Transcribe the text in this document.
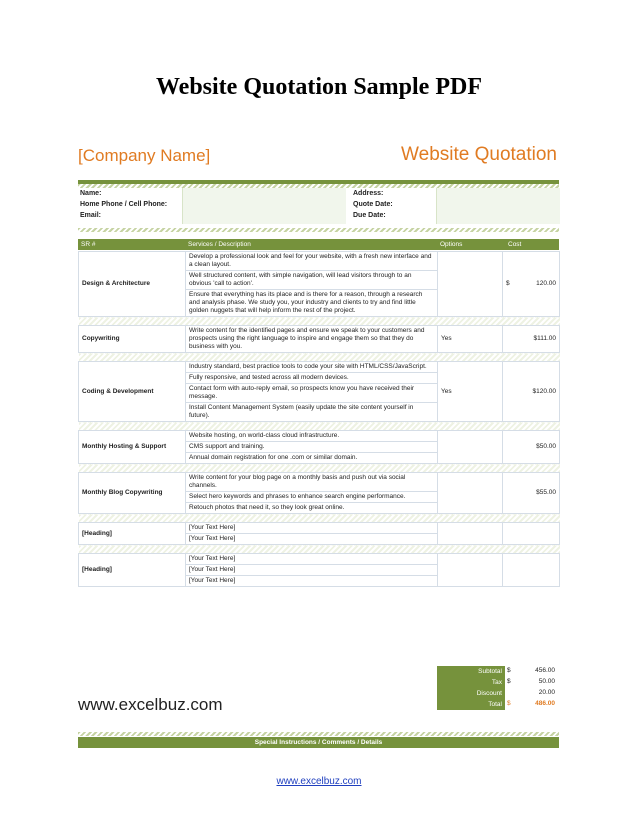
Website Quotation Sample PDF
[Company Name]	Website Quotation
Name:
Home Phone / Cell Phone:
Email:
Address:
Quote Date:
Due Date:
SR #	Services / Description	Options	Cost
Design & Architecture	Develop a professional look and feel for your website, with a fresh new interface and a clean layout.		$ 120.00
	Well structured content, with simple navigation, will lead visitors through to an obvious 'call to action'.		
	Ensure that everything has its place and is there for a reason, through a research and analysis phase. We study you, your industry and clients to try and find little golden nuggets that will help inform the rest of the project.		

Copywriting	Write content for the identified pages and ensure we speak to your customers and prospects using the right language to inspire and engage them so that they do business with you.	Yes	$111.00

Coding & Development	Industry standard, best practice tools to code your site with HTML/CSS/JavaScript.	Yes	$120.00
	Fully responsive, and tested across all modern devices.		
	Contact form with auto-reply email, so prospects know you have received their message.		
	Install Content Management System (easily update the site content yourself in future).		

Monthly Hosting & Support	Website hosting, on world-class cloud infrastructure.		$50.00
	CMS support and training.		
	Annual domain registration for one .com or similar domain.		

Monthly Blog Copywriting	Write content for your blog page on a monthly basis and push out via social channels.		$55.00
	Select hero keywords and phrases to enhance search engine performance.		
	Retouch photos that need it, so they look great online.		

[Heading]	[Your Text Here]		

	[Your Text Here]		

[Heading]	[Your Text Here]		

	[Your Text Here]		
	[Your Text Here]		
www.excelbuz.com
Subtotal $	456.00
Tax $	50.00
Discount	20.00
Total $	486.00
Special Instructions / Comments / Details
www.excelbuz.com
